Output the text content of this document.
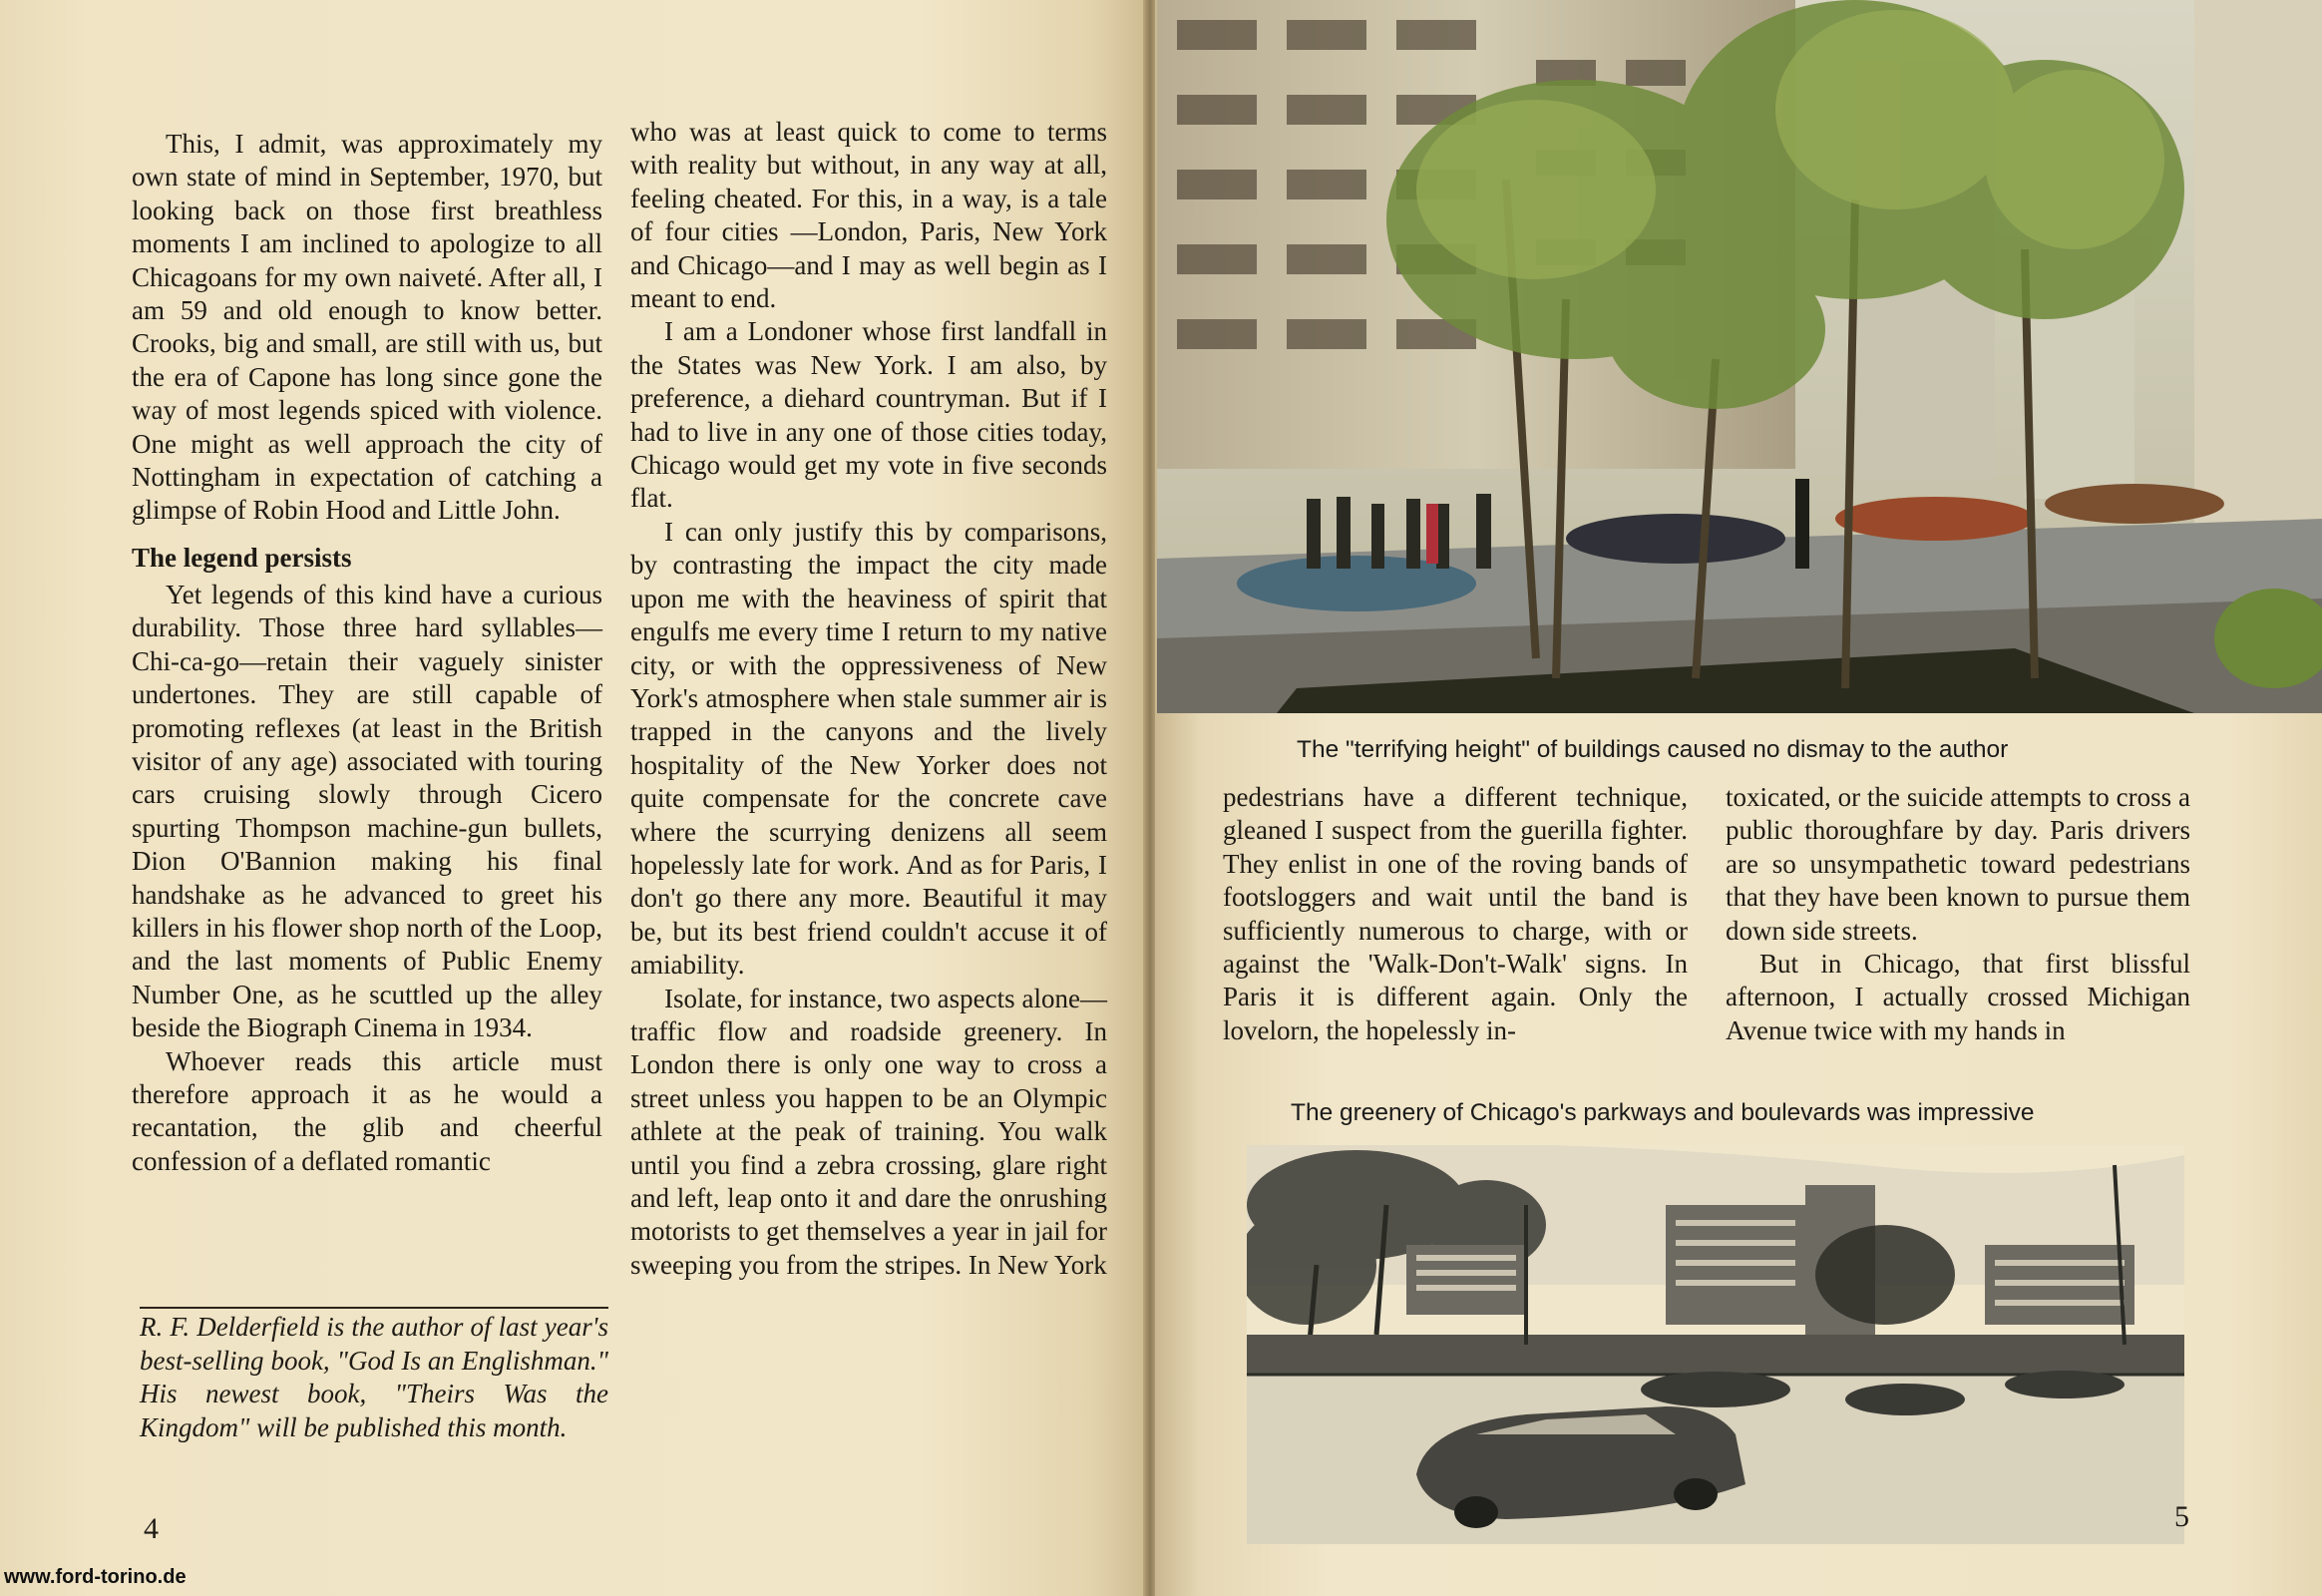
This, I admit, was approximately my own state of mind in September, 1970, but looking back on those first breathless moments I am inclined to apologize to all Chicagoans for my own naiveté. After all, I am 59 and old enough to know better. Crooks, big and small, are still with us, but the era of Capone has long since gone the way of most legends spiced with violence. One might as well approach the city of Nottingham in expectation of catching a glimpse of Robin Hood and Little John.

The legend persists

Yet legends of this kind have a curious durability. Those three hard syllables—Chi-ca-go—retain their vaguely sinister undertones. They are still capable of promoting reflexes (at least in the British visitor of any age) associated with touring cars cruising slowly through Cicero spurting Thompson machine-gun bullets, Dion O'Bannion making his final handshake as he advanced to greet his killers in his flower shop north of the Loop, and the last moments of Public Enemy Number One, as he scuttled up the alley beside the Biograph Cinema in 1934.

Whoever reads this article must therefore approach it as he would a recantation, the glib and cheerful confession of a deflated romantic

R. F. Delderfield is the author of last year's best-selling book, "God Is an Englishman." His newest book, "Theirs Was the Kingdom" will be published this month.

who was at least quick to come to terms with reality but without, in any way at all, feeling cheated. For this, in a way, is a tale of four cities —London, Paris, New York and Chicago—and I may as well begin as I meant to end.

I am a Londoner whose first landfall in the States was New York. I am also, by preference, a diehard countryman. But if I had to live in any one of those cities today, Chicago would get my vote in five seconds flat.

I can only justify this by comparisons, by contrasting the impact the city made upon me with the heaviness of spirit that engulfs me every time I return to my native city, or with the oppressiveness of New York's atmosphere when stale summer air is trapped in the canyons and the lively hospitality of the New Yorker does not quite compensate for the concrete cave where the scurrying denizens all seem hopelessly late for work. And as for Paris, I don't go there any more. Beautiful it may be, but its best friend couldn't accuse it of amiability.

Isolate, for instance, two aspects alone—traffic flow and roadside greenery. In London there is only one way to cross a street unless you happen to be an Olympic athlete at the peak of training. You walk until you find a zebra crossing, glare right and left, leap onto it and dare the onrushing motorists to get themselves a year in jail for sweeping you from the stripes. In New York

4
www.ford-torino.de
The "terrifying height" of buildings caused no dismay to the author

pedestrians have a different technique, gleaned I suspect from the guerilla fighter. They enlist in one of the roving bands of footsloggers and wait until the band is sufficiently numerous to charge, with or against the 'Walk-Don't-Walk' signs. In Paris it is different again. Only the lovelorn, the hopelessly in-

toxicated, or the suicide attempts to cross a public thoroughfare by day. Paris drivers are so unsympathetic toward pedestrians that they have been known to pursue them down side streets.

But in Chicago, that first blissful afternoon, I actually crossed Michigan Avenue twice with my hands in

The greenery of Chicago's parkways and boulevards was impressive
5
